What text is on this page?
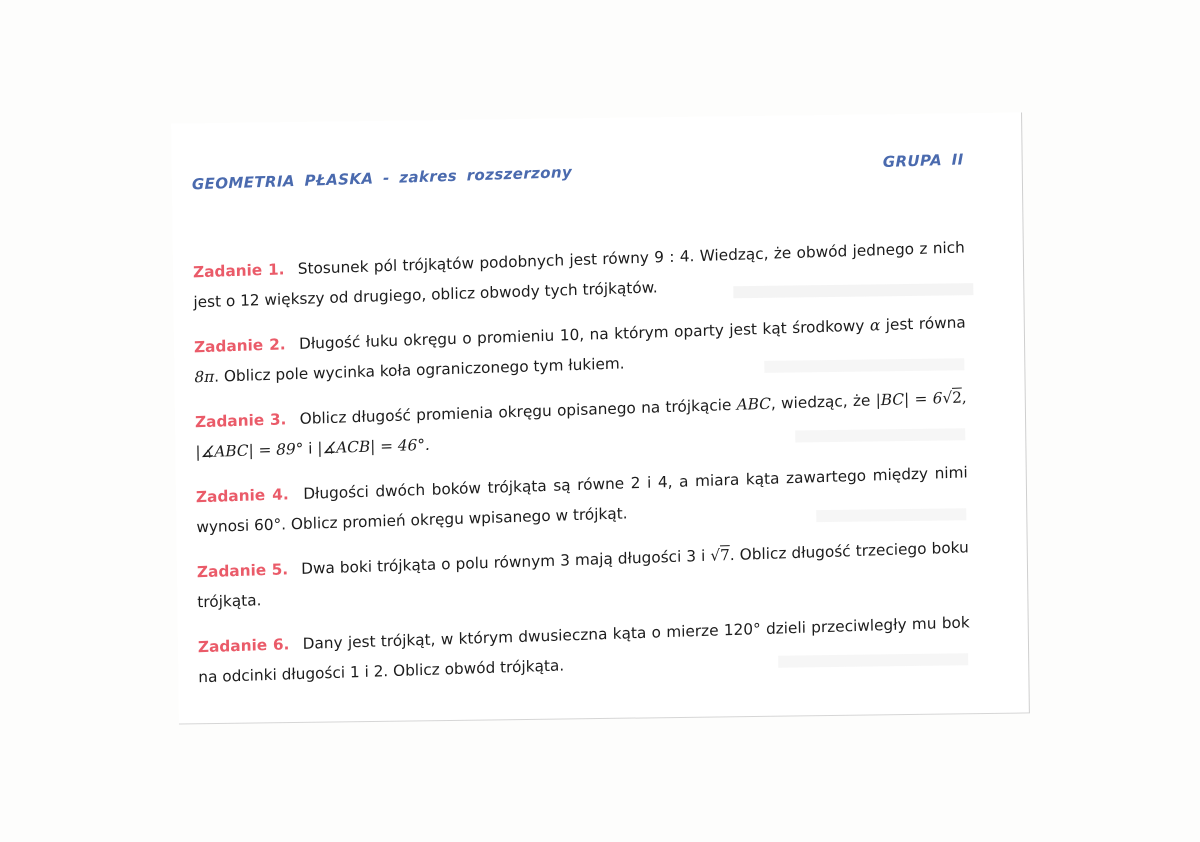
GEOMETRIA PŁASKA - zakres rozszerzony
GRUPA II
Zadanie 1. Stosunek pól trójkątów podobnych jest równy 9 : 4. Wiedząc, że obwód jednego z nich jest o 12 większy od drugiego, oblicz obwody tych trójkątów.
Zadanie 2. Długość łuku okręgu o promieniu 10, na którym oparty jest kąt środkowy α jest równa 8π. Oblicz pole wycinka koła ograniczonego tym łukiem.
Zadanie 3. Oblicz długość promienia okręgu opisanego na trójkącie ABC, wiedząc, że |BC| = 6√2, |∡ABC| = 89° i |∡ACB| = 46°.
Zadanie 4. Długości dwóch boków trójkąta są równe 2 i 4, a miara kąta zawartego między nimi wynosi 60°. Oblicz promień okręgu wpisanego w trójkąt.
Zadanie 5. Dwa boki trójkąta o polu równym 3 mają długości 3 i √7. Oblicz długość trzeciego boku trójkąta.
Zadanie 6. Dany jest trójkąt, w którym dwusieczna kąta o mierze 120° dzieli przeciwległy mu bok na odcinki długości 1 i 2. Oblicz obwód trójkąta.
